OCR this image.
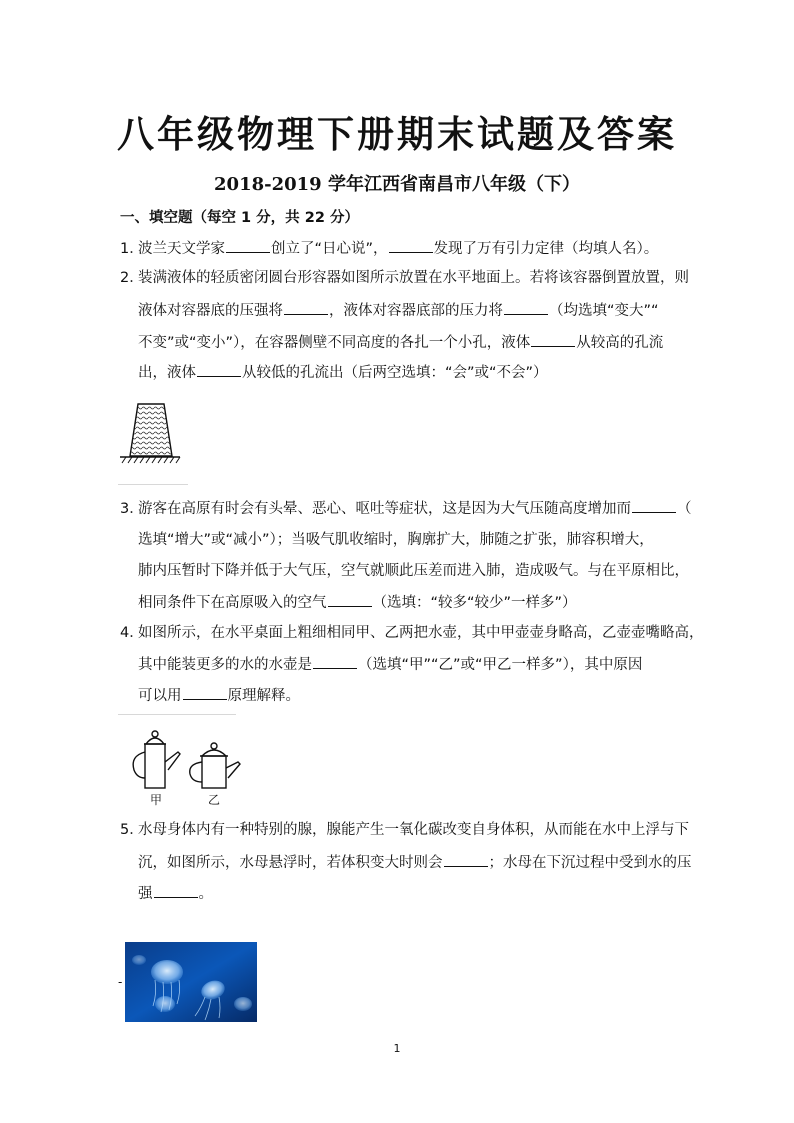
八年级物理下册期末试题及答案
2018-2019 学年江西省南昌市八年级（下）
一、填空题（每空 1 分，共 22 分）
1．波兰天文学家	创立了“日心说”，	发现了万有引力定律（均填人名）。
2．装满液体的轻质密闭圆台形容器如图所示放置在水平地面上。若将该容器倒置放置，则
液体对容器底的压强将	，液体对容器底部的压力将	（均选填“变大”“
不变”或“变小”），在容器侧壁不同高度的各扎一个小孔，液体	从较高的孔流
出，液体	从较低的孔流出（后两空选填：“会”或“不会”）
3．游客在高原有时会有头晕、恶心、呕吐等症状，这是因为大气压随高度增加而	（
选填“增大”或“减小”）；当吸气肌收缩时，胸廓扩大，肺随之扩张，肺容积增大，
肺内压暂时下降并低于大气压，空气就顺此压差而进入肺，造成吸气。与在平原相比，
相同条件下在高原吸入的空气	（选填：“较多“较少”一样多”）
4．如图所示，在水平桌面上粗细相同甲、乙两把水壶，其中甲壶壶身略高，乙壶壶嘴略高，
其中能装更多的水的水壶是	（选填“甲”“乙”或“甲乙一样多”），其中原因
可以用	原理解释。
甲	乙
5．水母身体内有一种特别的腺，腺能产生一氧化碳改变自身体积，从而能在水中上浮与下
沉，如图所示，水母悬浮时，若体积变大时则会	；水母在下沉过程中受到水的压
强	。
-
1
